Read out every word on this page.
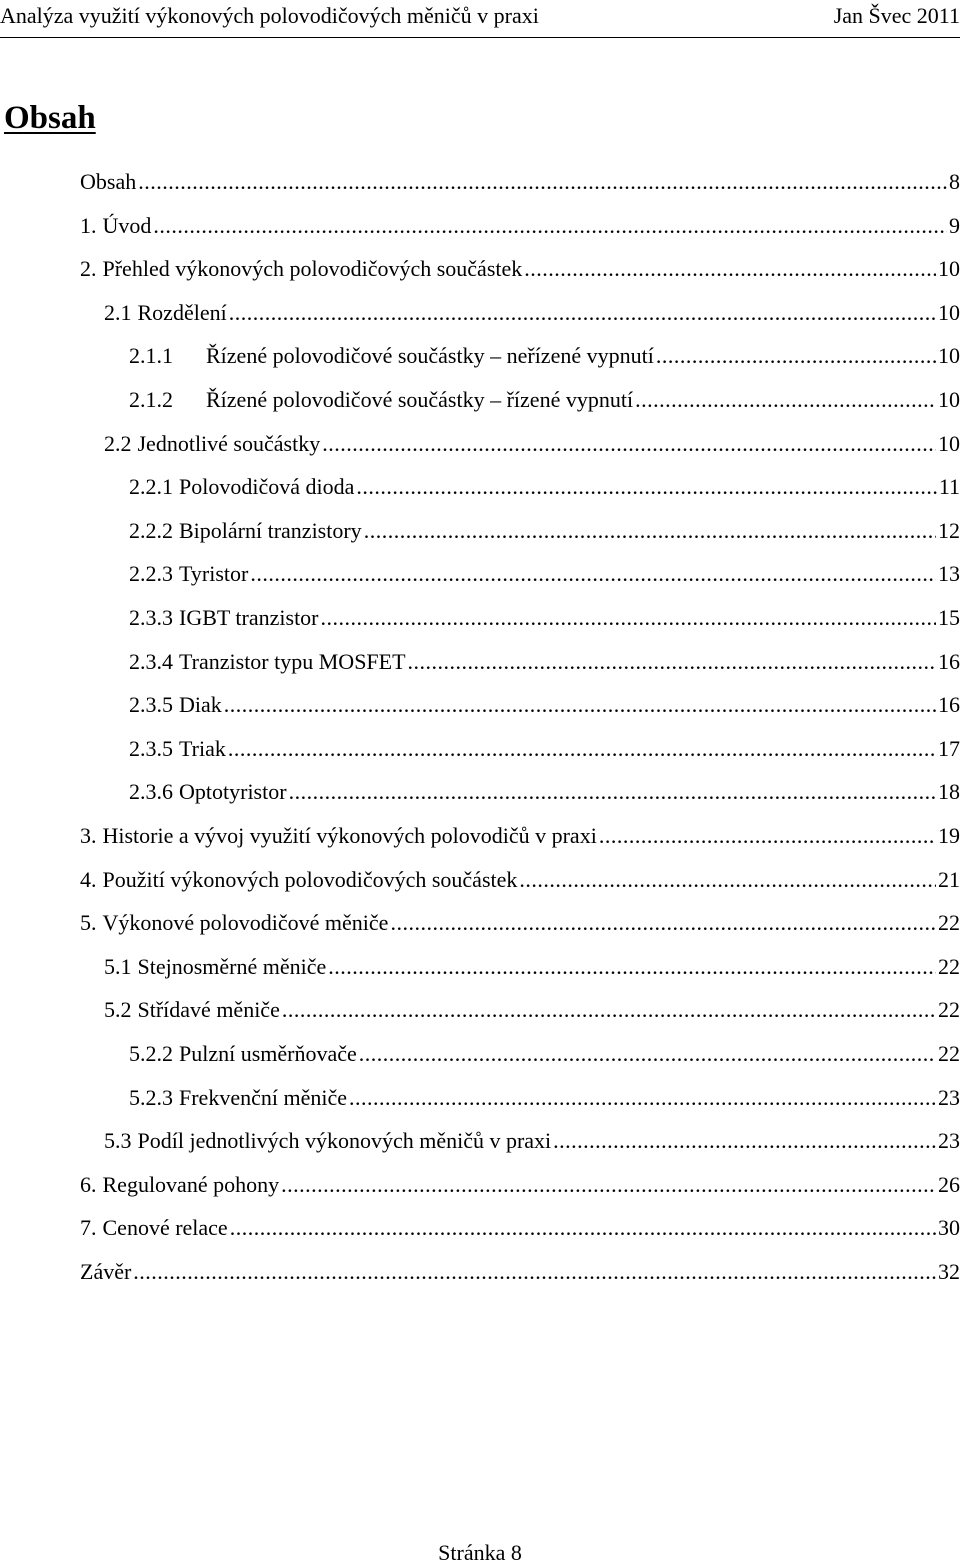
Analýza využití výkonových polovodičových měničů v praxi	Jan Švec 2011
Obsah
Obsah .....	8
1. Úvod .....	9
2. Přehled výkonových polovodičových součástek .....	10
2.1 Rozdělení .....	10
2.1.1	Řízené polovodičové součástky – neřízené vypnutí .....	10
2.1.2	Řízené polovodičové součástky – řízené vypnutí .....	10
2.2 Jednotlivé součástky .....	10
2.2.1 Polovodičová dioda .....	11
2.2.2 Bipolární tranzistory .....	12
2.2.3 Tyristor .....	13
2.3.3 IGBT tranzistor .....	15
2.3.4 Tranzistor typu MOSFET .....	16
2.3.5 Diak .....	16
2.3.5 Triak .....	17
2.3.6 Optotyristor .....	18
3. Historie a vývoj využití výkonových polovodičů v praxi .....	19
4. Použití výkonových polovodičových součástek .....	21
5. Výkonové polovodičové měniče .....	22
5.1 Stejnosměrné měniče .....	22
5.2 Střídavé měniče .....	22
5.2.2 Pulzní usměrňovače .....	22
5.2.3 Frekvenční měniče .....	23
5.3 Podíl jednotlivých výkonových měničů v praxi .....	23
6. Regulované pohony .....	26
7. Cenové relace .....	30
Závěr .....	32
Stránka 8
